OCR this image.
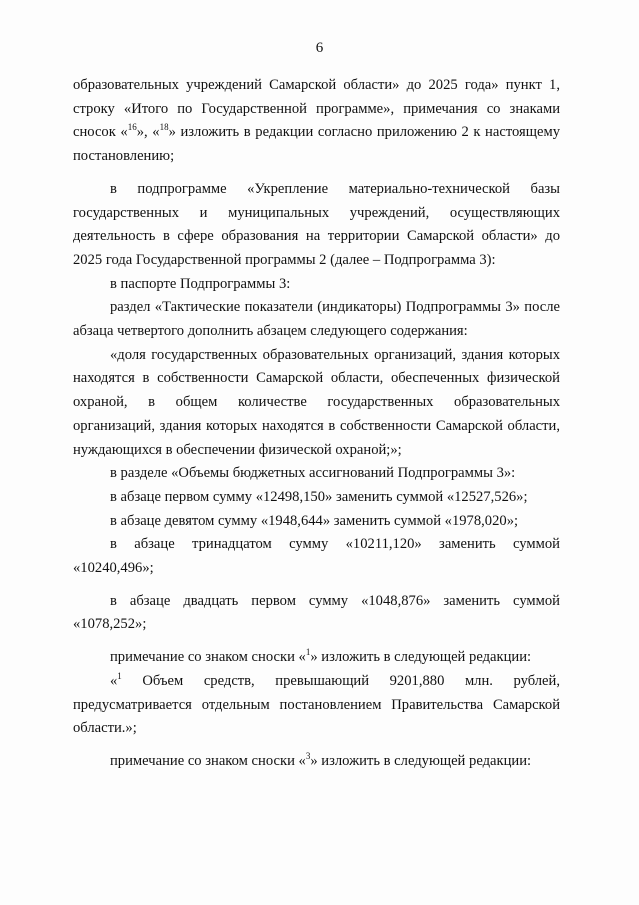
6

образовательных учреждений Самарской области» до 2025 года» пункт 1, строку «Итого по Государственной программе», примечания со знаками сносок «$^{16}$», «$^{18}$» изложить в редакции согласно приложению 2 к настоящему постановлению;

в подпрограмме «Укрепление материально-технической базы государственных и муниципальных учреждений, осуществляющих деятельность в сфере образования на территории Самарской области» до 2025 года Государственной программы 2 (далее – Подпрограмма 3):

в паспорте Подпрограммы 3:

раздел «Тактические показатели (индикаторы) Подпрограммы 3» после абзаца четвертого дополнить абзацем следующего содержания:

«доля государственных образовательных организаций, здания которых находятся в собственности Самарской области, обеспеченных физической охраной, в общем количестве государственных образовательных организаций, здания которых находятся в собственности Самарской области, нуждающихся в обеспечении физической охраной;»;

в разделе «Объемы бюджетных ассигнований Подпрограммы 3»:

в абзаце первом сумму «12498,150» заменить суммой «12527,526»;

в абзаце девятом сумму «1948,644» заменить суммой «1978,020»;

в абзаце тринадцатом сумму «10211,120» заменить суммой «10240,496»;

в абзаце двадцать первом сумму «1048,876» заменить суммой «1078,252»;

примечание со знаком сноски «$^1$» изложить в следующей редакции:

«$^1$ Объем средств, превышающий 9201,880 млн. рублей, предусматривается отдельным постановлением Правительства Самарской области.»;

примечание со знаком сноски «$^3$» изложить в следующей редакции:
